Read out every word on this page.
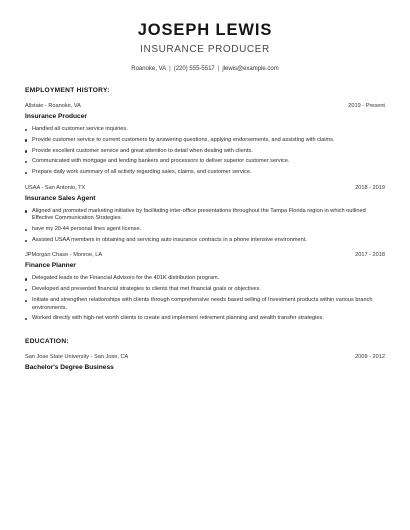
JOSEPH LEWIS
INSURANCE PRODUCER
Roanoke, VA | (220) 555-5517 | jlewis@example.com
EMPLOYMENT HISTORY:
Allstate - Roanoke, VA	2019 - Present
Insurance Producer
Handled all customer service inquiries.
Provide customer service to current customers by answering questions, applying endorsements, and assisting with claims.
Provide excellent customer service and great attention to detail when dealing with clients.
Communicated with mortgage and lending bankers and processors to deliver superior customer service.
Prepare daily work summary of all activity regarding sales, claims, and customer service.
USAA - San Antonio, TX	2018 - 2019
Insurance Sales Agent
Aligned and promoted marketing initiative by facilitating inter-office presentations throughout the Tampa Florida region in which outlined Effective Communication Strategies.
have my 20-44 personal lines agent license.
Assisted USAA members in obtaining and servicing auto insurance contracts in a phone intensive environment.
JPMorgan Chase - Monroe, LA	2017 - 2018
Finance Planner
Delegated leads to the Financial Advisors for the 401K distribution program.
Developed and presented financial strategies to clients that met financial goals or objectives.
Initiate and strengthen relationships with clients through comprehensive needs based selling of Investment products within various branch environments.
Worked directly with high-net worth clients to create and implement retirement planning and wealth transfer strategies.
EDUCATION:
San Jose State University - San Jose, CA	2009 - 2012
Bachelor's Degree Business
